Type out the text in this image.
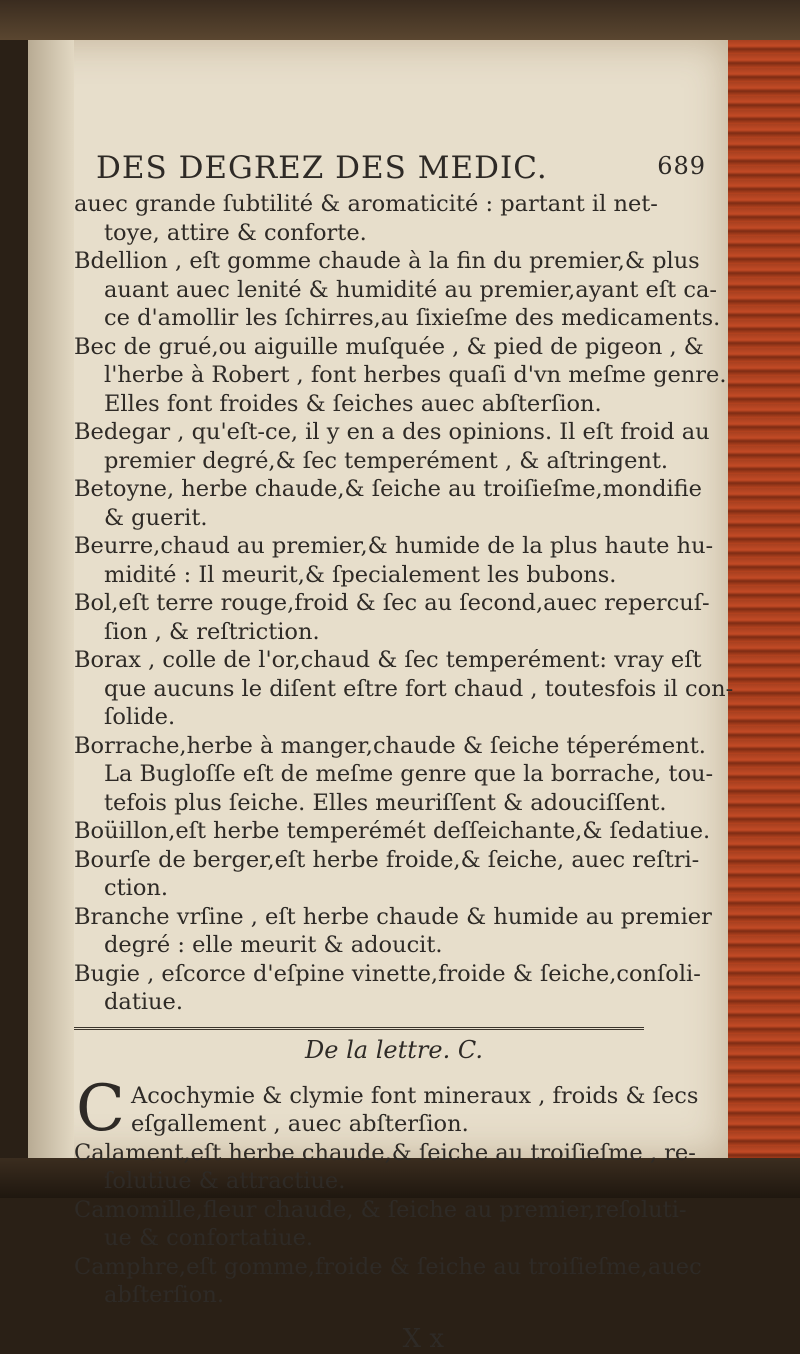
DES DEGREZ DES MEDIC.	689

auec grande ſubtilité & aromaticité : partant il net-
toye, attire & conforte.

Bdellion , eſt gomme chaude à la fin du premier,& plus
auant auec lenité & humidité au premier,ayant eſt ca-
ce d'amollir les ſchirres,au ſixieſme des medicaments.

Bec de grué,ou aiguille muſquée , & pied de pigeon , &
l'herbe à Robert , font herbes quaſi d'vn meſme genre.
Elles font froides & ſeiches auec abſterſion.

Bedegar , qu'eſt-ce, il y en a des opinions. Il eſt froid au
premier degré,& ſec temperément , & aſtringent.

Betoyne, herbe chaude,& ſeiche au troiſieſme,mondifie
& guerit.

Beurre,chaud au premier,& humide de la plus haute hu-
midité : Il meurit,& ſpecialement les bubons.

Bol,eſt terre rouge,froid & ſec au ſecond,auec repercuſ-
ſion , & reſtriction.

Borax , colle de l'or,chaud & ſec temperément: vray eſt
que aucuns le diſent eſtre fort chaud , toutesfois il con-
ſolide.

Borrache,herbe à manger,chaude & ſeiche téperément.
La Bugloſſe eſt de meſme genre que la borrache, tou-
tefois plus ſeiche. Elles meuriſſent & adouciſſent.

Boüillon,eſt herbe temperémét deſſeichante,& ſedatiue.

Bourſe de berger,eſt herbe froide,& ſeiche, auec reſtri-
ction.

Branche vrſine , eſt herbe chaude & humide au premier
degré : elle meurit & adoucit.

Bugie , eſcorce d'eſpine vinette,froide & ſeiche,conſoli-
datiue.

De la lettre. C.

C Acochymie & clymie font mineraux , froids & ſecs
eſgallement , auec abſterſion.

Calament,eſt herbe chaude,& ſeiche au troiſieſme , re-
ſolutiue & attractiue.

Camomille,fleur chaude, & ſeiche au premier,reſoluti-
ue & confortatiue.

Camphre,eſt gomme,froide & ſeiche au troiſieſme,auec
abſterſion.

X x
